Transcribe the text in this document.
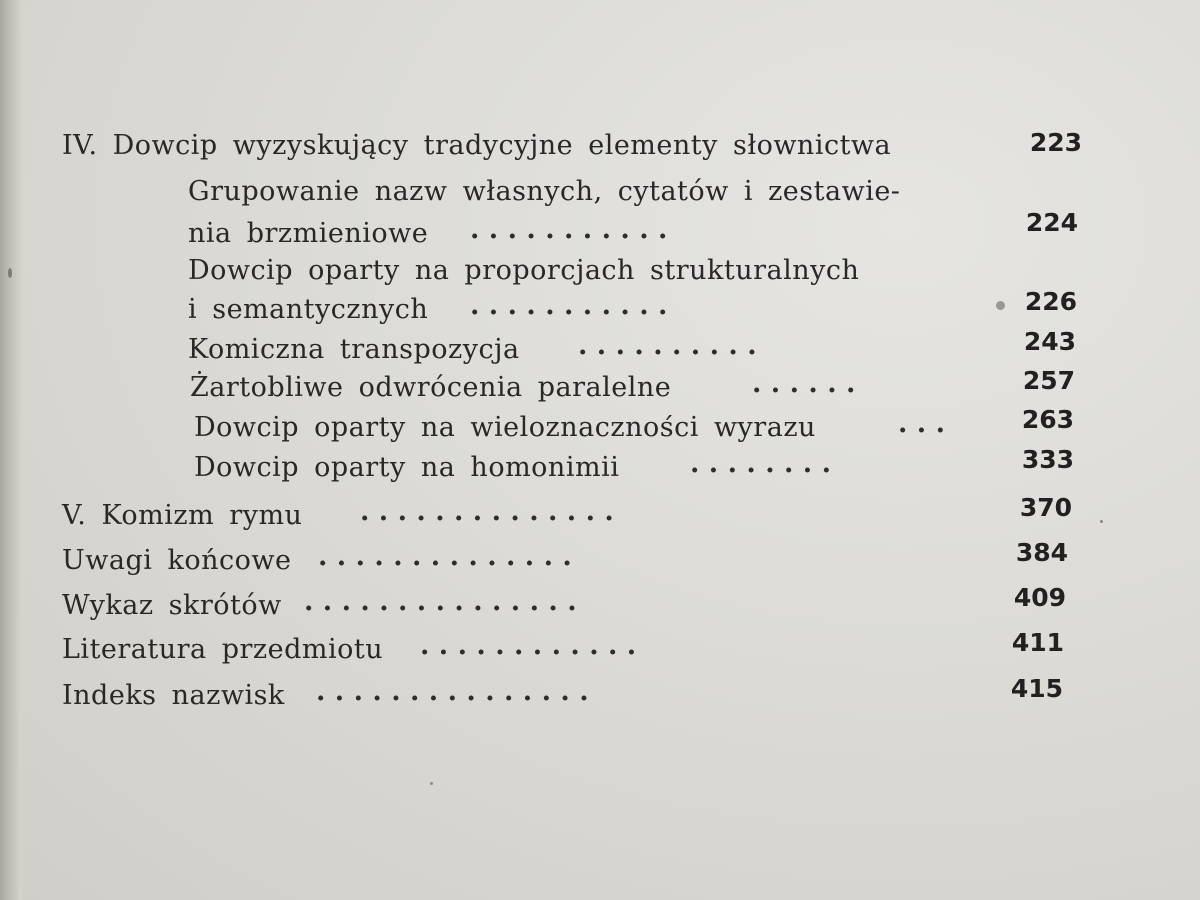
IV. Dowcip wyzyskujący tradycyjne elementy słownictwa	223
Grupowanie nazw własnych, cytatów i zestawie-
nia brzmieniowe . . . . . . . . . . .	224
Dowcip oparty na proporcjach strukturalnych
i semantycznych . . . . . . . . . . .	226
Komiczna transpozycja . . . . . . . . . .	243
Żartobliwe odwrócenia paralelne	. . . . . .	257
Dowcip oparty na wieloznaczności wyrazu	. . .	263
Dowcip oparty na homonimii	. . . . . . . .	333
V. Komizm rymu . . . . . . . . . . . . . .	370
Uwagi końcowe . . . . . . . . . . . . . .	384
Wykaz skrótów . . . . . . . . . . . . . . .	409
Literatura przedmiotu . . . . . . . . . . . .	411
Indeks nazwisk . . . . . . . . . . . . . . .	415
